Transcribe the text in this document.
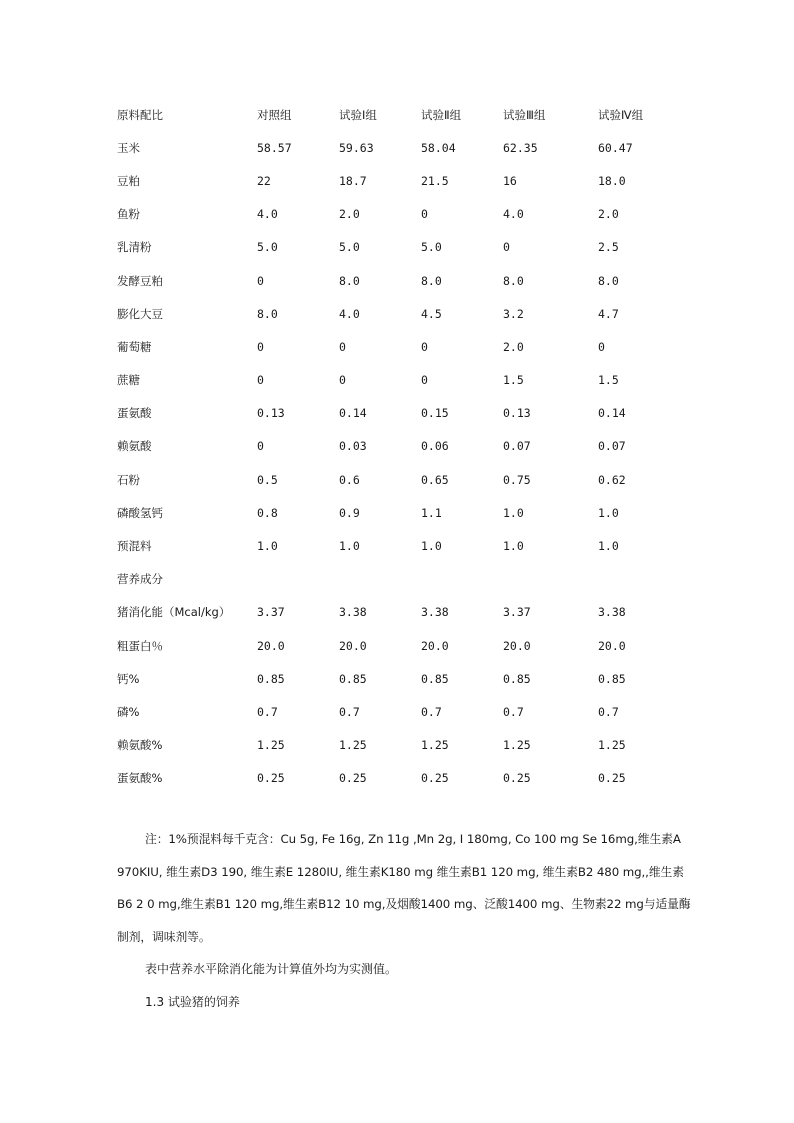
原料配比	对照组	试验Ⅰ组	试验Ⅱ组	试验Ⅲ组	试验Ⅳ组
玉米	58.57	59.63	58.04	62.35	60.47
豆粕	22	18.7	21.5	16	18.0
鱼粉	4.0	2.0	0	4.0	2.0
乳清粉	5.0	5.0	5.0	0	2.5
发酵豆粕	0	8.0	8.0	8.0	8.0
膨化大豆	8.0	4.0	4.5	3.2	4.7
葡萄糖	0	0	0	2.0	0
蔗糖	0	0	0	1.5	1.5
蛋氨酸	0.13	0.14	0.15	0.13	0.14
赖氨酸	0	0.03	0.06	0.07	0.07
石粉	0.5	0.6	0.65	0.75	0.62
磷酸氢钙	0.8	0.9	1.1	1.0	1.0
预混料	1.0	1.0	1.0	1.0	1.0
营养成分					
猪消化能（Mcal/kg）	3.37	3.38	3.38	3.37	3.38
粗蛋白％	20.0	20.0	20.0	20.0	20.0
钙%	0.85	0.85	0.85	0.85	0.85
磷%	0.7	0.7	0.7	0.7	0.7
赖氨酸%	1.25	1.25	1.25	1.25	1.25
蛋氨酸%	0.25	0.25	0.25	0.25	0.25

注：1%预混料每千克含：Cu 5g, Fe 16g, Zn 11g ,Mn 2g, I 180mg, Co 100 mg Se 16mg,维生素A 970KIU, 维生素D3 190, 维生素E 1280IU, 维生素K180 mg 维生素B1 120 mg, 维生素B2 480 mg,,维生素B6 2 0 mg,维生素B1 120 mg,维生素B12 10 mg,及烟酸1400 mg、泛酸1400 mg、生物素22 mg与适量酶制剂，调味剂等。

表中营养水平除消化能为计算值外均为实测值。

1.3 试验猪的饲养
